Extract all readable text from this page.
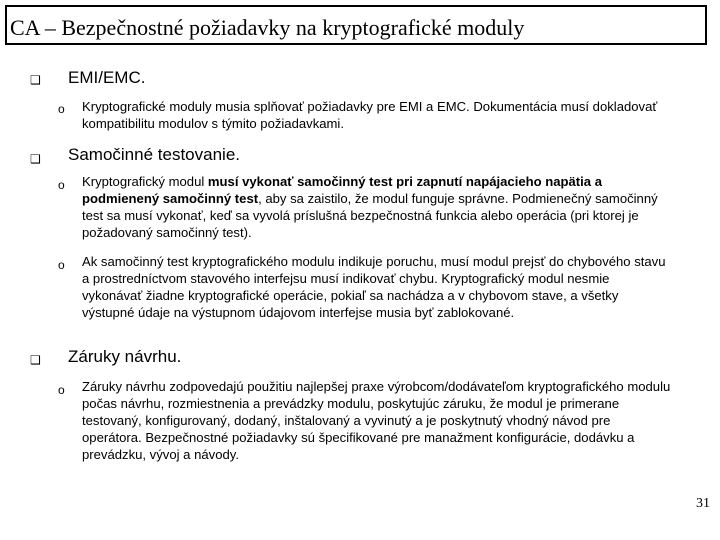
CA – Bezpečnostné požiadavky na kryptografické moduly
❑ EMI/EMC.
o Kryptografické moduly musia splňovať požiadavky pre EMI a EMC. Dokumentácia musí dokladovať kompatibilitu modulov s týmito požiadavkami.
❑ Samočinné testovanie.
o Kryptografický modul musí vykonať samočinný test pri zapnutí napájacieho napätia a podmienený samočinný test, aby sa zaistilo, že modul funguje správne. Podmienečný samočinný test sa musí vykonať, keď sa vyvolá príslušná bezpečnostná funkcia alebo operácia (pri ktorej je požadovaný samočinný test).
o Ak samočinný test kryptografického modulu indikuje poruchu, musí modul prejsť do chybového stavu a prostredníctvom stavového interfejsu musí indikovať chybu. Kryptografický modul nesmie vykonávať žiadne kryptografické operácie, pokiaľ sa nachádza a v chybovom stave, a všetky výstupné údaje na výstupnom údajovom interfejse musia byť zablokované.
❑ Záruky návrhu.
o Záruky návrhu zodpovedajú použitiu najlepšej praxe výrobcom/dodávateľom kryptografického modulu počas návrhu, rozmiestnenia a prevádzky modulu, poskytujúc záruku, že modul je primerane testovaný, konfigurovaný, dodaný, inštalovaný a vyvinutý a je poskytnutý vhodný návod pre operátora. Bezpečnostné požiadavky sú špecifikované pre manažment konfigurácie, dodávku a prevádzku, vývoj a návody.
31
